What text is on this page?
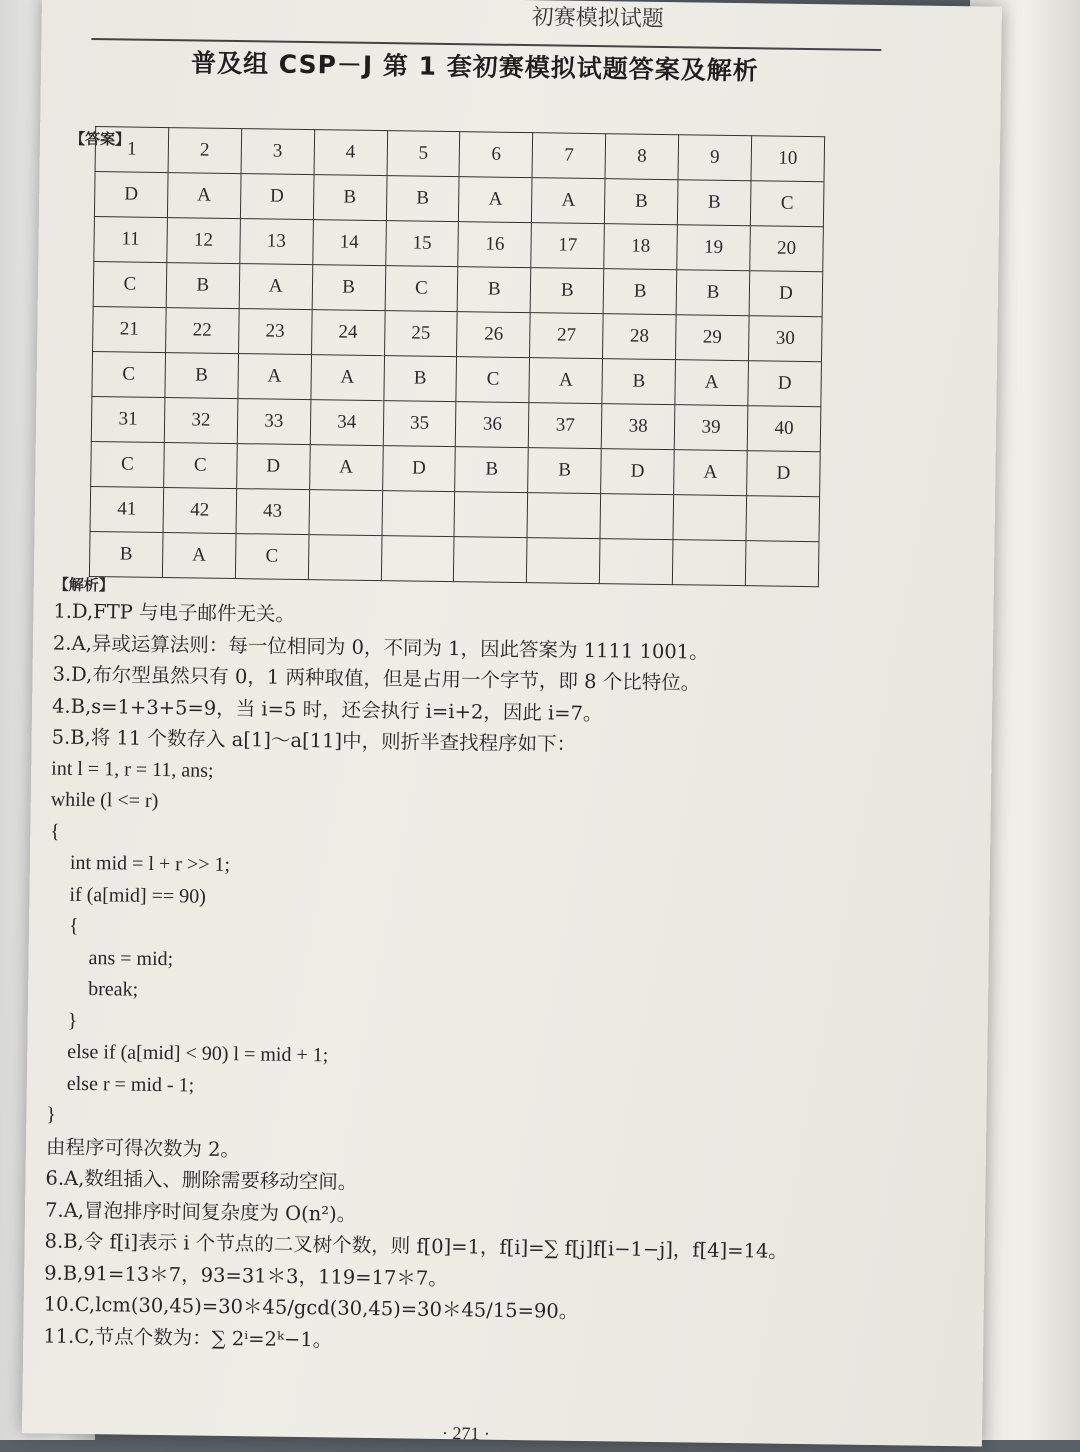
初赛模拟试题
普及组 CSP－J 第 1 套初赛模拟试题答案及解析
【答案】
1	2	3	4	5	6	7	8	9	10
D	A	D	B	B	A	A	B	B	C
11	12	13	14	15	16	17	18	19	20
C	B	A	B	C	B	B	B	B	D
21	22	23	24	25	26	27	28	29	30
C	B	A	A	B	C	A	B	A	D
31	32	33	34	35	36	37	38	39	40
C	C	D	A	D	B	B	D	A	D
41	42	43							
B	A	C							
【解析】
1.D,FTP 与电子邮件无关。
2.A,异或运算法则：每一位相同为 0，不同为 1，因此答案为 1111 1001。
3.D,布尔型虽然只有 0，1 两种取值，但是占用一个字节，即 8 个比特位。
4.B,s=1+3+5=9，当 i=5 时，还会执行 i=i+2，因此 i=7。
5.B,将 11 个数存入 a[1]～a[11]中，则折半查找程序如下：
int l = 1, r = 11, ans;
while (l <= r)
{
int mid = l + r >> 1;
if (a[mid] == 90)
{
ans = mid;
break;
}
else if (a[mid] < 90) l = mid + 1;
else r = mid - 1;
}
由程序可得次数为 2。
6.A,数组插入、删除需要移动空间。
7.A,冒泡排序时间复杂度为 O(n²)。
8.B,令 f[i]表示 i 个节点的二叉树个数，则 f[0]=1，f[i]=∑ f[j]f[i−1−j]，f[4]=14。
9.B,91=13＊7，93=31＊3，119=17＊7。
10.C,lcm(30,45)=30＊45/gcd(30,45)=30＊45/15=90。
11.C,节点个数为：∑ 2ⁱ=2ᵏ−1。
· 271 ·
